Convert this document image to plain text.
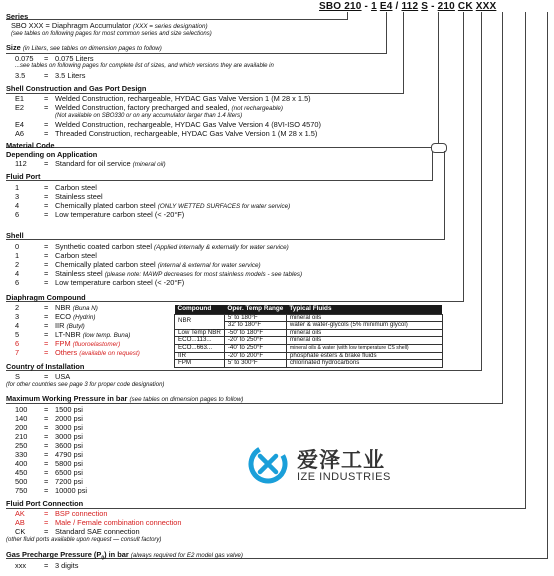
SBO 210 - 1 E4 / 112 S - 210 CK XXX
Series
SBO XXX = Diaphragm Accumulator (XXX = series designation)
(see tables on following pages for most common series and size selections)
Size (in Liters, see tables on dimension pages to follow)
0.075 = 0.075 Liters
...see tables on following pages for complete list of sizes, and which versions they are available in
3.5	= 3.5 Liters
Shell Construction and Gas Port Design
E1	= Welded Construction, rechargeable, HYDAC Gas Valve Version 1 (M 28 x 1.5)
E2	= Welded Construction, factory precharged and sealed, (not rechargeable)
(Not available on SBO330 or on any accumulator larger than 1.4 liters)
E4	= Welded Construction, rechargeable, HYDAC Gas Valve Version 4 (8VI-ISO 4570)
A6	= Threaded Construction, rechargeable, HYDAC Gas Valve Version 1 (M 28 x 1.5)
Material Code
Depending on Application
112 = Standard for oil service (mineral oil)
Fluid Port
1	= Carbon steel
3	= Stainless steel
4	= Chemically plated carbon steel (ONLY WETTED SURFACES for water service)
6	= Low temperature carbon steel (< -20°F)
Shell
0	= Synthetic coated carbon steel (Applied internally & externally for water service)
1	= Carbon steel
2	= Chemically plated carbon steel (internal & external for water service)
4	= Stainless steel (please note: MAWP decreases for most stainless models - see tables)
6	= Low temperature carbon steel (< -20°F)
Diaphragm Compound
2	= NBR (Buna N)
3	= ECO (Hydrin)
4	= IIR (Butyl)
5	= LT-NBR (low temp. Buna)
6	= FPM (fluoroelastomer)
7	= Others (available on request)
Compound	Oper. Temp Range	Typical Fluids
NBR	5' to 180°F	mineral oils
	32' to 180°F	water & water-glycols (5% minimum glycol)
Low Temp NBR	-50' to 180°F	mineral oils
ECO...113...	-20' to 250°F	mineral oils
ECO...663...	-40' to 250°F	mineral oils & water (with low temperature CS shell)
IIR	-20' to 200°F	phosphate esters & brake fluids
FPM	5' to 300°F	chlorinated hydrocarbons
Country of Installation
S	= USA
(for other countries see page 3 for proper code designation)
Maximum Working Pressure in bar (see tables on dimension pages to follow)
100 = 1500 psi
140 = 2000 psi
200 = 3000 psi
210 = 3000 psi
250 = 3600 psi
330 = 4790 psi
400 = 5800 psi
450 = 6500 psi
500 = 7200 psi
750 = 10000 psi
爱泽工业
IZE INDUSTRIES
Fluid Port Connection
AK	= BSP connection
AB	= Male / Female combination connection
CK	= Standard SAE connection
(other fluid ports available upon request — consult factory)
Gas Precharge Pressure $(P_0)$ in bar (always required for E2 model gas valve)
xxx = 3 digits
